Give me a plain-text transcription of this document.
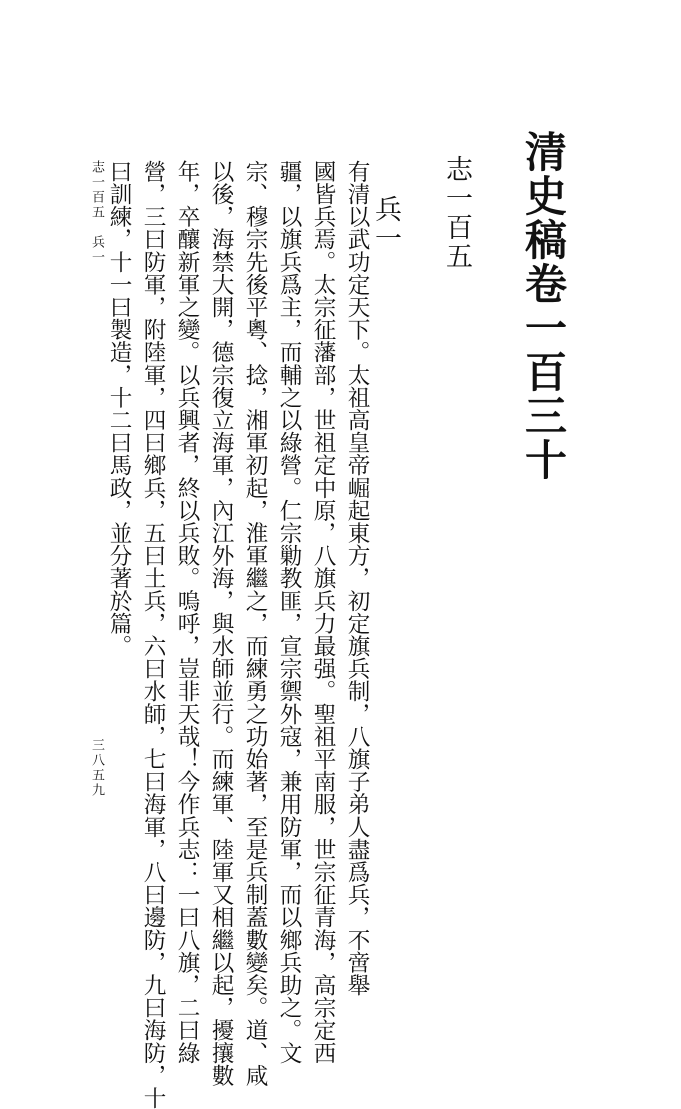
清史稿卷一百三十
志一百五
兵一
有清以武功定天下。太祖高皇帝崛起東方，初定旗兵制，八旗子弟人盡爲兵，不啻舉
國皆兵焉。太宗征藩部，世祖定中原，八旗兵力最强。聖祖平南服，世宗征青海，高宗定西
疆，以旗兵爲主，而輔之以綠營。仁宗勦教匪，宣宗禦外寇，兼用防軍，而以鄉兵助之。文
宗、穆宗先後平粵、捻，湘軍初起，淮軍繼之，而練勇之功始著，至是兵制蓋數變矣。道、咸
以後，海禁大開，德宗復立海軍，內江外海，與水師並行。而練軍、陸軍又相繼以起，擾攘數
年，卒釀新軍之變。以兵興者，終以兵敗。嗚呼，豈非天哉！今作兵志：一曰八旗，二曰綠
營，三曰防軍，附陸軍，四曰鄉兵，五曰土兵，六曰水師，七曰海軍，八曰邊防，九曰海防，十
曰訓練，十一曰製造，十二曰馬政，並分著於篇。
志一百五　兵一
三八五九
